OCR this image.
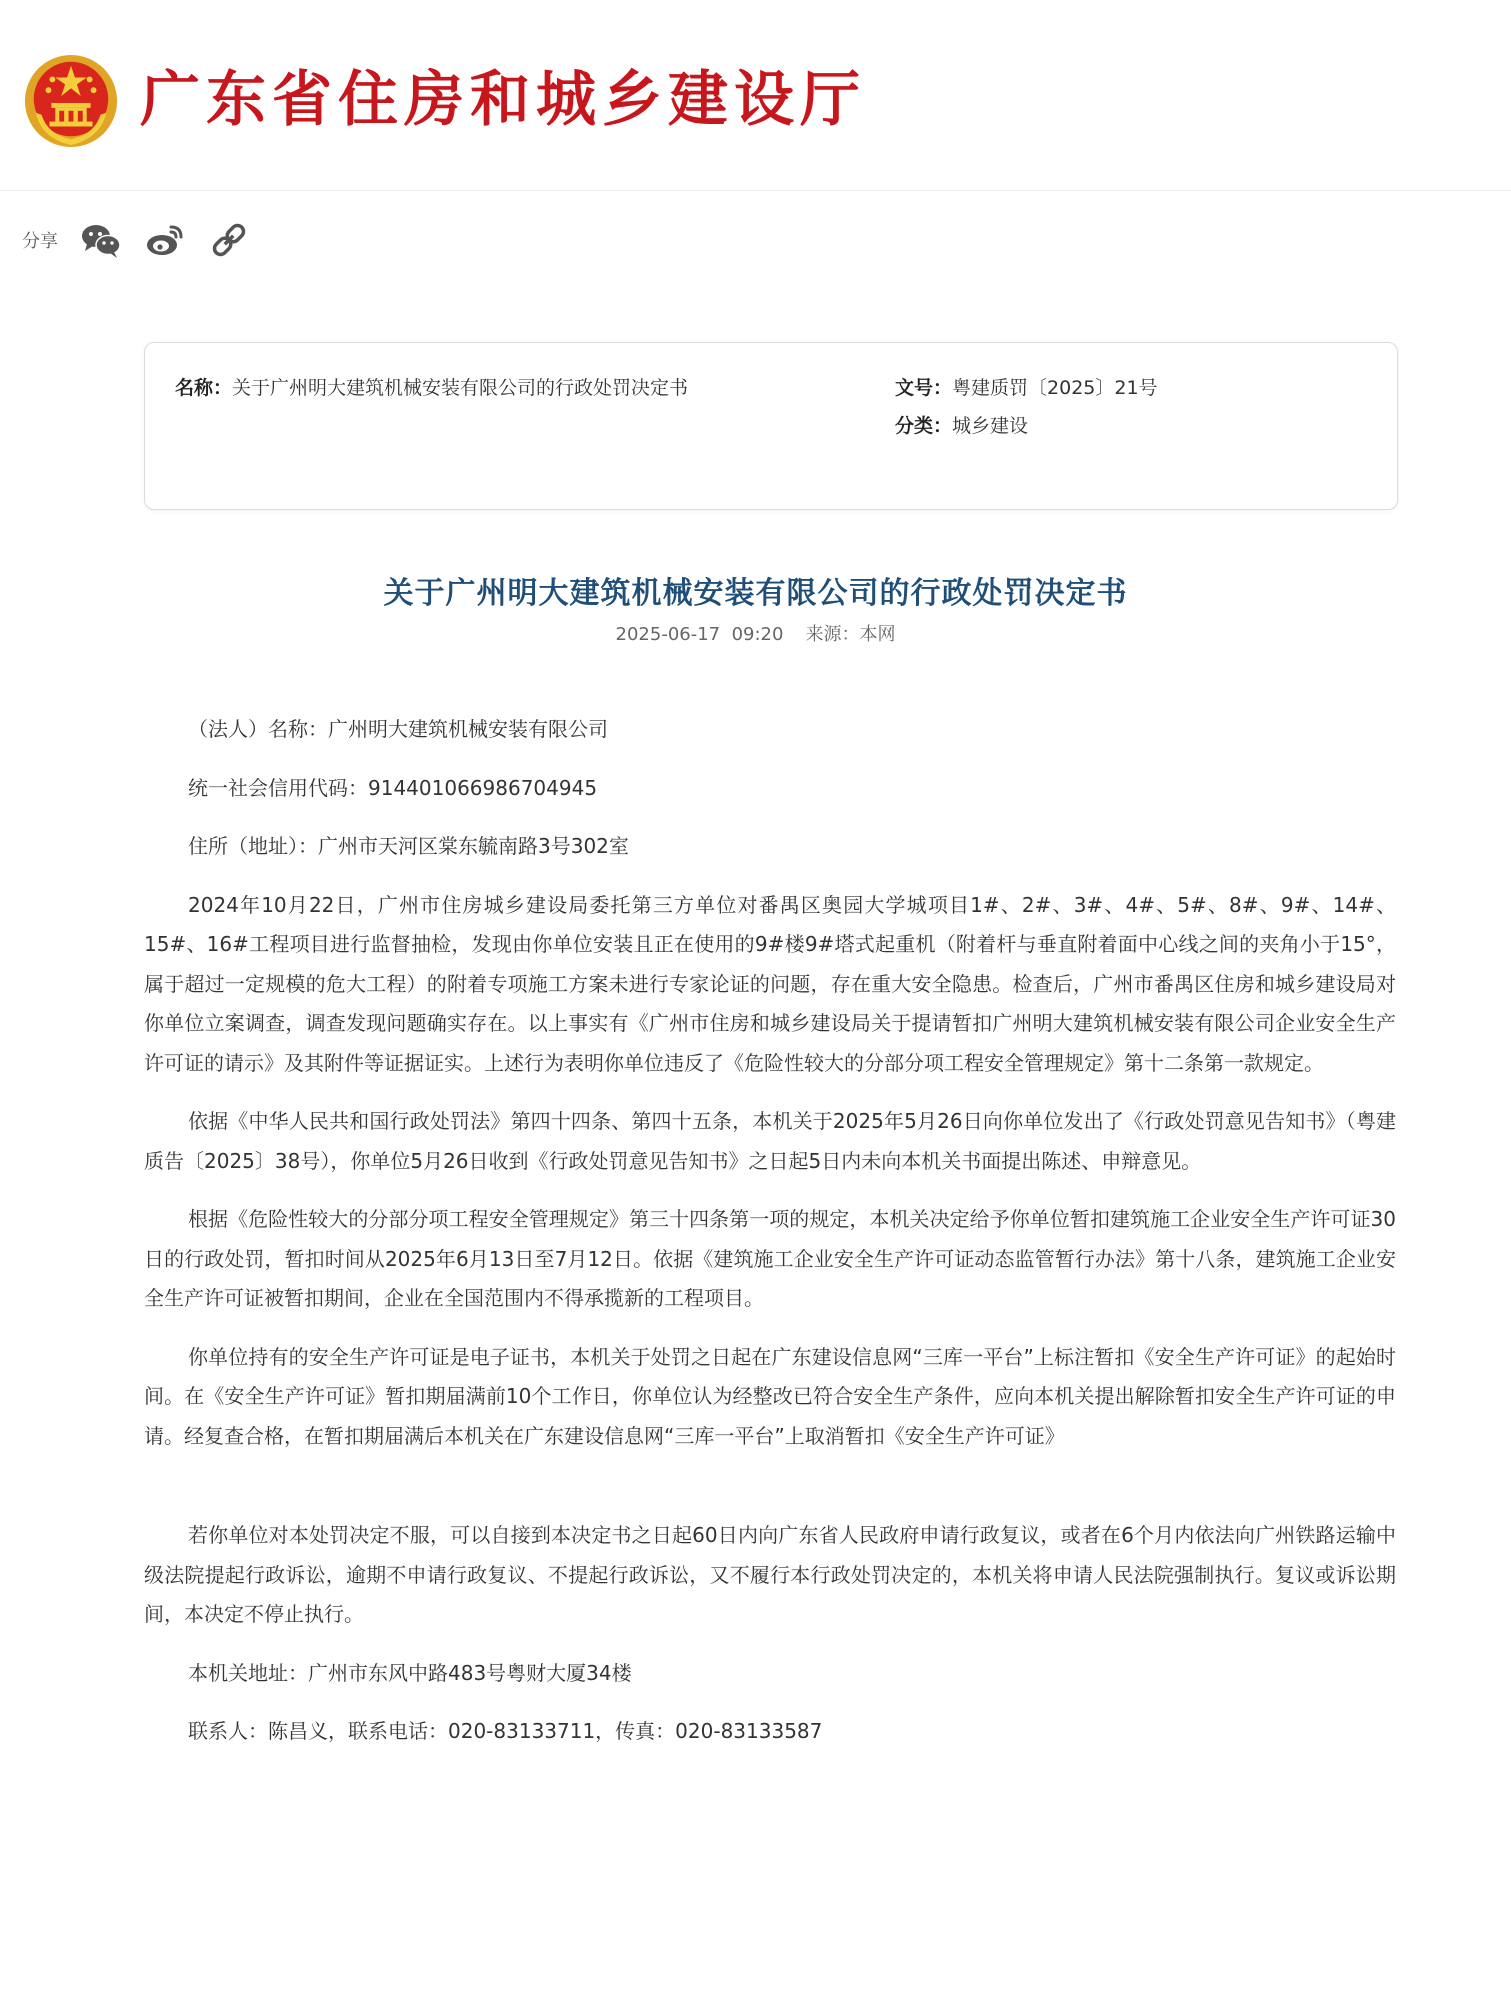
广东省住房和城乡建设厅
分享
名称：关于广州明大建筑机械安装有限公司的行政处罚决定书	文号：粤建质罚〔2025〕21号
分类：城乡建设
关于广州明大建筑机械安装有限公司的行政处罚决定书
2025-06-17  09:20 来源：本网

（法人）名称：广州明大建筑机械安装有限公司

统一社会信用代码：914401066986704945

住所（地址）：广州市天河区棠东毓南路3号302室

2024年10月22日，广州市住房城乡建设局委托第三方单位对番禺区奥园大学城项目1#、2#、3#、4#、5#、8#、9#、14#、15#、16#工程项目进行监督抽检，发现由你单位安装且正在使用的9#楼9#塔式起重机（附着杆与垂直附着面中心线之间的夹角小于15°，属于超过一定规模的危大工程）的附着专项施工方案未进行专家论证的问题，存在重大安全隐患。检查后，广州市番禺区住房和城乡建设局对你单位立案调查，调查发现问题确实存在。以上事实有《广州市住房和城乡建设局关于提请暂扣广州明大建筑机械安装有限公司企业安全生产许可证的请示》及其附件等证据证实。上述行为表明你单位违反了《危险性较大的分部分项工程安全管理规定》第十二条第一款规定。

依据《中华人民共和国行政处罚法》第四十四条、第四十五条，本机关于2025年5月26日向你单位发出了《行政处罚意见告知书》（粤建质告〔2025〕38号），你单位5月26日收到《行政处罚意见告知书》之日起5日内未向本机关书面提出陈述、申辩意见。

根据《危险性较大的分部分项工程安全管理规定》第三十四条第一项的规定，本机关决定给予你单位暂扣建筑施工企业安全生产许可证30日的行政处罚，暂扣时间从2025年6月13日至7月12日。依据《建筑施工企业安全生产许可证动态监管暂行办法》第十八条，建筑施工企业安全生产许可证被暂扣期间，企业在全国范围内不得承揽新的工程项目。

你单位持有的安全生产许可证是电子证书，本机关于处罚之日起在广东建设信息网“三库一平台”上标注暂扣《安全生产许可证》的起始时间。在《安全生产许可证》暂扣期届满前10个工作日，你单位认为经整改已符合安全生产条件，应向本机关提出解除暂扣安全生产许可证的申请。经复查合格，在暂扣期届满后本机关在广东建设信息网“三库一平台”上取消暂扣《安全生产许可证》

若你单位对本处罚决定不服，可以自接到本决定书之日起60日内向广东省人民政府申请行政复议，或者在6个月内依法向广州铁路运输中级法院提起行政诉讼，逾期不申请行政复议、不提起行政诉讼，又不履行本行政处罚决定的，本机关将申请人民法院强制执行。复议或诉讼期间，本决定不停止执行。

本机关地址：广州市东风中路483号粤财大厦34楼

联系人：陈昌义，联系电话：020-83133711，传真：020-83133587
